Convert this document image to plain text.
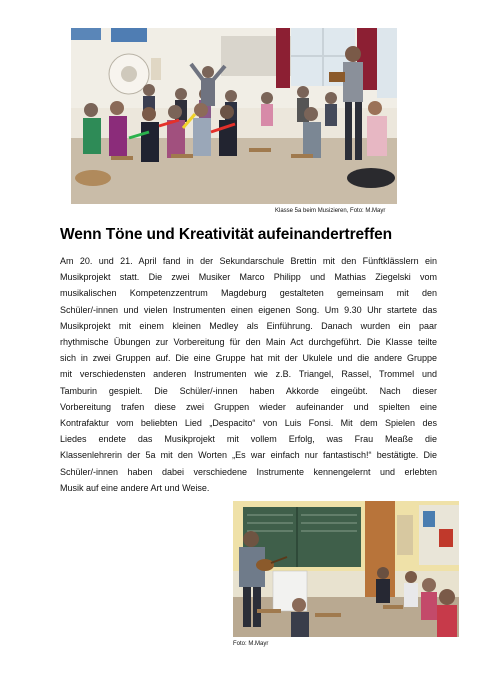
Klasse 5a beim Musizieren, Foto: M.Mayr
Wenn Töne und Kreativität aufeinandertreffen
Am 20. und 21. April fand in der Sekundarschule Brettin mit den Fünftklässlern ein
Musikprojekt statt. Die zwei Musiker Marco Philipp und Mathias Ziegelski vom
musikalischen Kompetenzzentrum Magdeburg gestalteten gemeinsam mit den
Schüler/-innen und vielen Instrumenten einen eigenen Song. Um 9.30 Uhr startete das
Musikprojekt mit einem kleinen Medley als Einführung. Danach wurden ein paar
rhythmische Übungen zur Vorbereitung für den Main Act durchgeführt. Die Klasse teilte
sich in zwei Gruppen auf. Die eine Gruppe hat mit der Ukulele und die andere Gruppe
mit verschiedensten anderen Instrumenten wie z.B. Triangel, Rassel, Trommel und
Tamburin gespielt. Die Schüler/-innen haben Akkorde eingeübt. Nach dieser
Vorbereitung trafen diese zwei Gruppen wieder aufeinander und spielten eine
Kontrafaktur vom beliebten Lied „Despacito“ von Luis Fonsi. Mit dem Spielen des
Liedes endete das Musikprojekt mit vollem Erfolg, was Frau Meaße die
Klassenlehrerin der 5a mit den Worten „Es war einfach nur fantastisch!“ bestätigte. Die
Schüler/-innen haben dabei verschiedene Instrumente kennengelernt und erlebten
Musik auf eine andere Art und Weise.
Foto: M.Mayr
